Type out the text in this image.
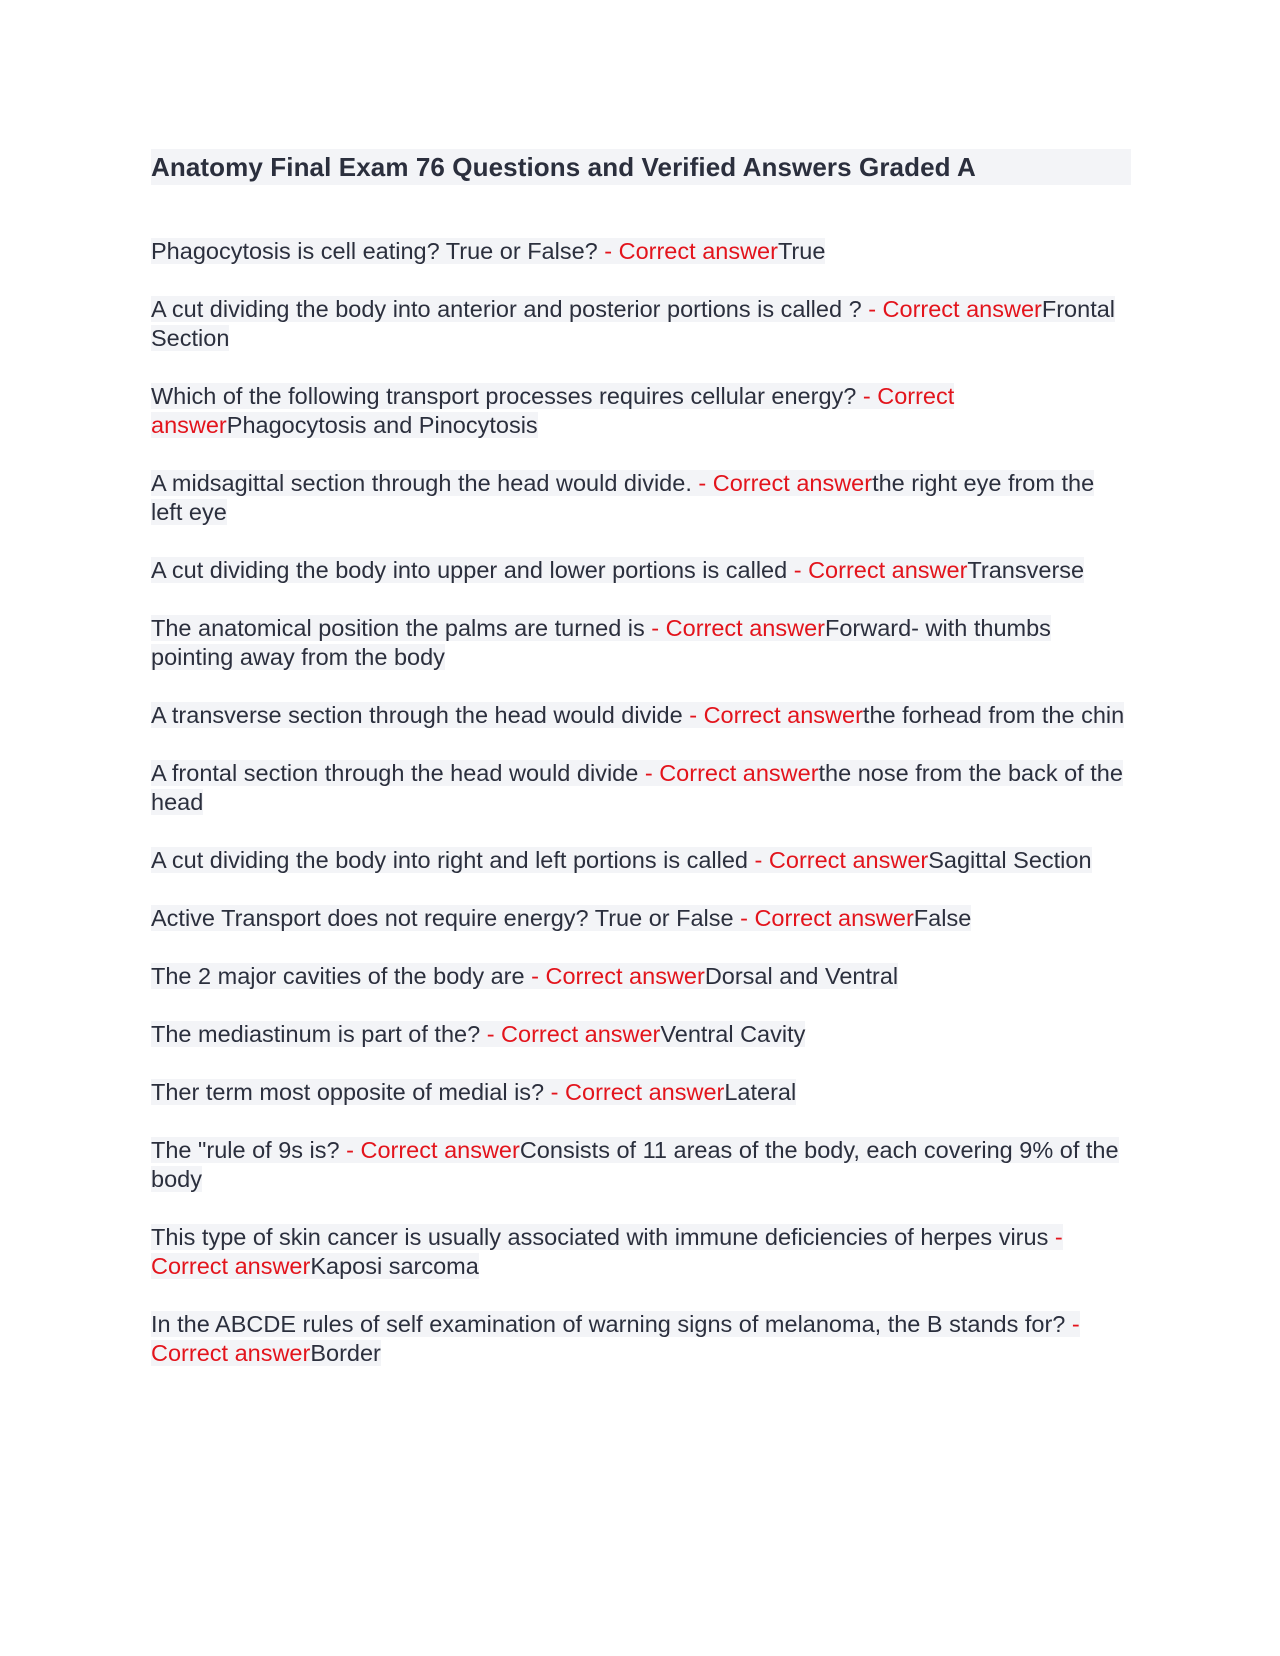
Anatomy Final Exam 76 Questions and Verified Answers Graded A

Phagocytosis is cell eating? True or False? - Correct answerTrue

A cut dividing the body into anterior and posterior portions is called ? - Correct answerFrontal Section

Which of the following transport processes requires cellular energy? - Correct answerPhagocytosis and Pinocytosis

A midsagittal section through the head would divide. - Correct answerthe right eye from the left eye

A cut dividing the body into upper and lower portions is called - Correct answerTransverse

The anatomical position the palms are turned is - Correct answerForward- with thumbs pointing away from the body

A transverse section through the head would divide - Correct answerthe forhead from the chin

A frontal section through the head would divide - Correct answerthe nose from the back of the head

A cut dividing the body into right and left portions is called - Correct answerSagittal Section

Active Transport does not require energy? True or False - Correct answerFalse

The 2 major cavities of the body are - Correct answerDorsal and Ventral

The mediastinum is part of the? - Correct answerVentral Cavity

Ther term most opposite of medial is? - Correct answerLateral

The "rule of 9s is? - Correct answerConsists of 11 areas of the body, each covering 9% of the body

This type of skin cancer is usually associated with immune deficiencies of herpes virus - Correct answerKaposi sarcoma

In the ABCDE rules of self examination of warning signs of melanoma, the B stands for? - Correct answerBorder
